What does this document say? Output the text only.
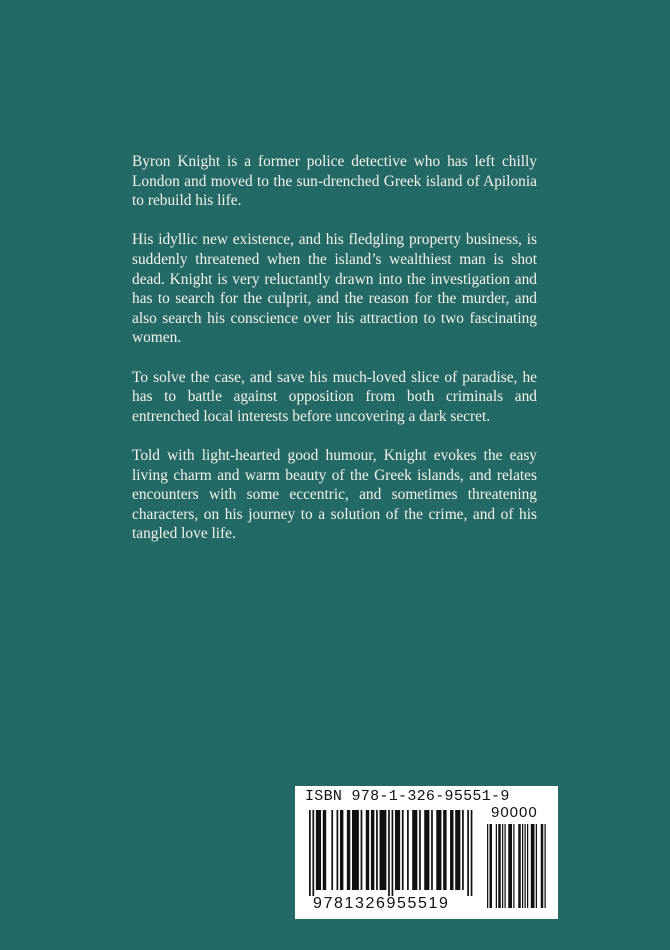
Byron Knight is a former police detective who has left chilly London and moved to the sun-drenched Greek island of Apilonia to rebuild his life.

His idyllic new existence, and his fledgling property business, is suddenly threatened when the island’s wealthiest man is shot dead. Knight is very reluctantly drawn into the investigation and has to search for the culprit, and the reason for the murder, and also search his conscience over his attraction to two fascinating women.

To solve the case, and save his much-loved slice of paradise, he has to battle against opposition from both criminals and entrenched local interests before uncovering a dark secret.

Told with light-hearted good humour, Knight evokes the easy living charm and warm beauty of the Greek islands, and relates encounters with some eccentric, and sometimes threatening characters, on his journey to a solution of the crime, and of his tangled love life.

ISBN 978-1-326-95551-9
90000
9781326955519
